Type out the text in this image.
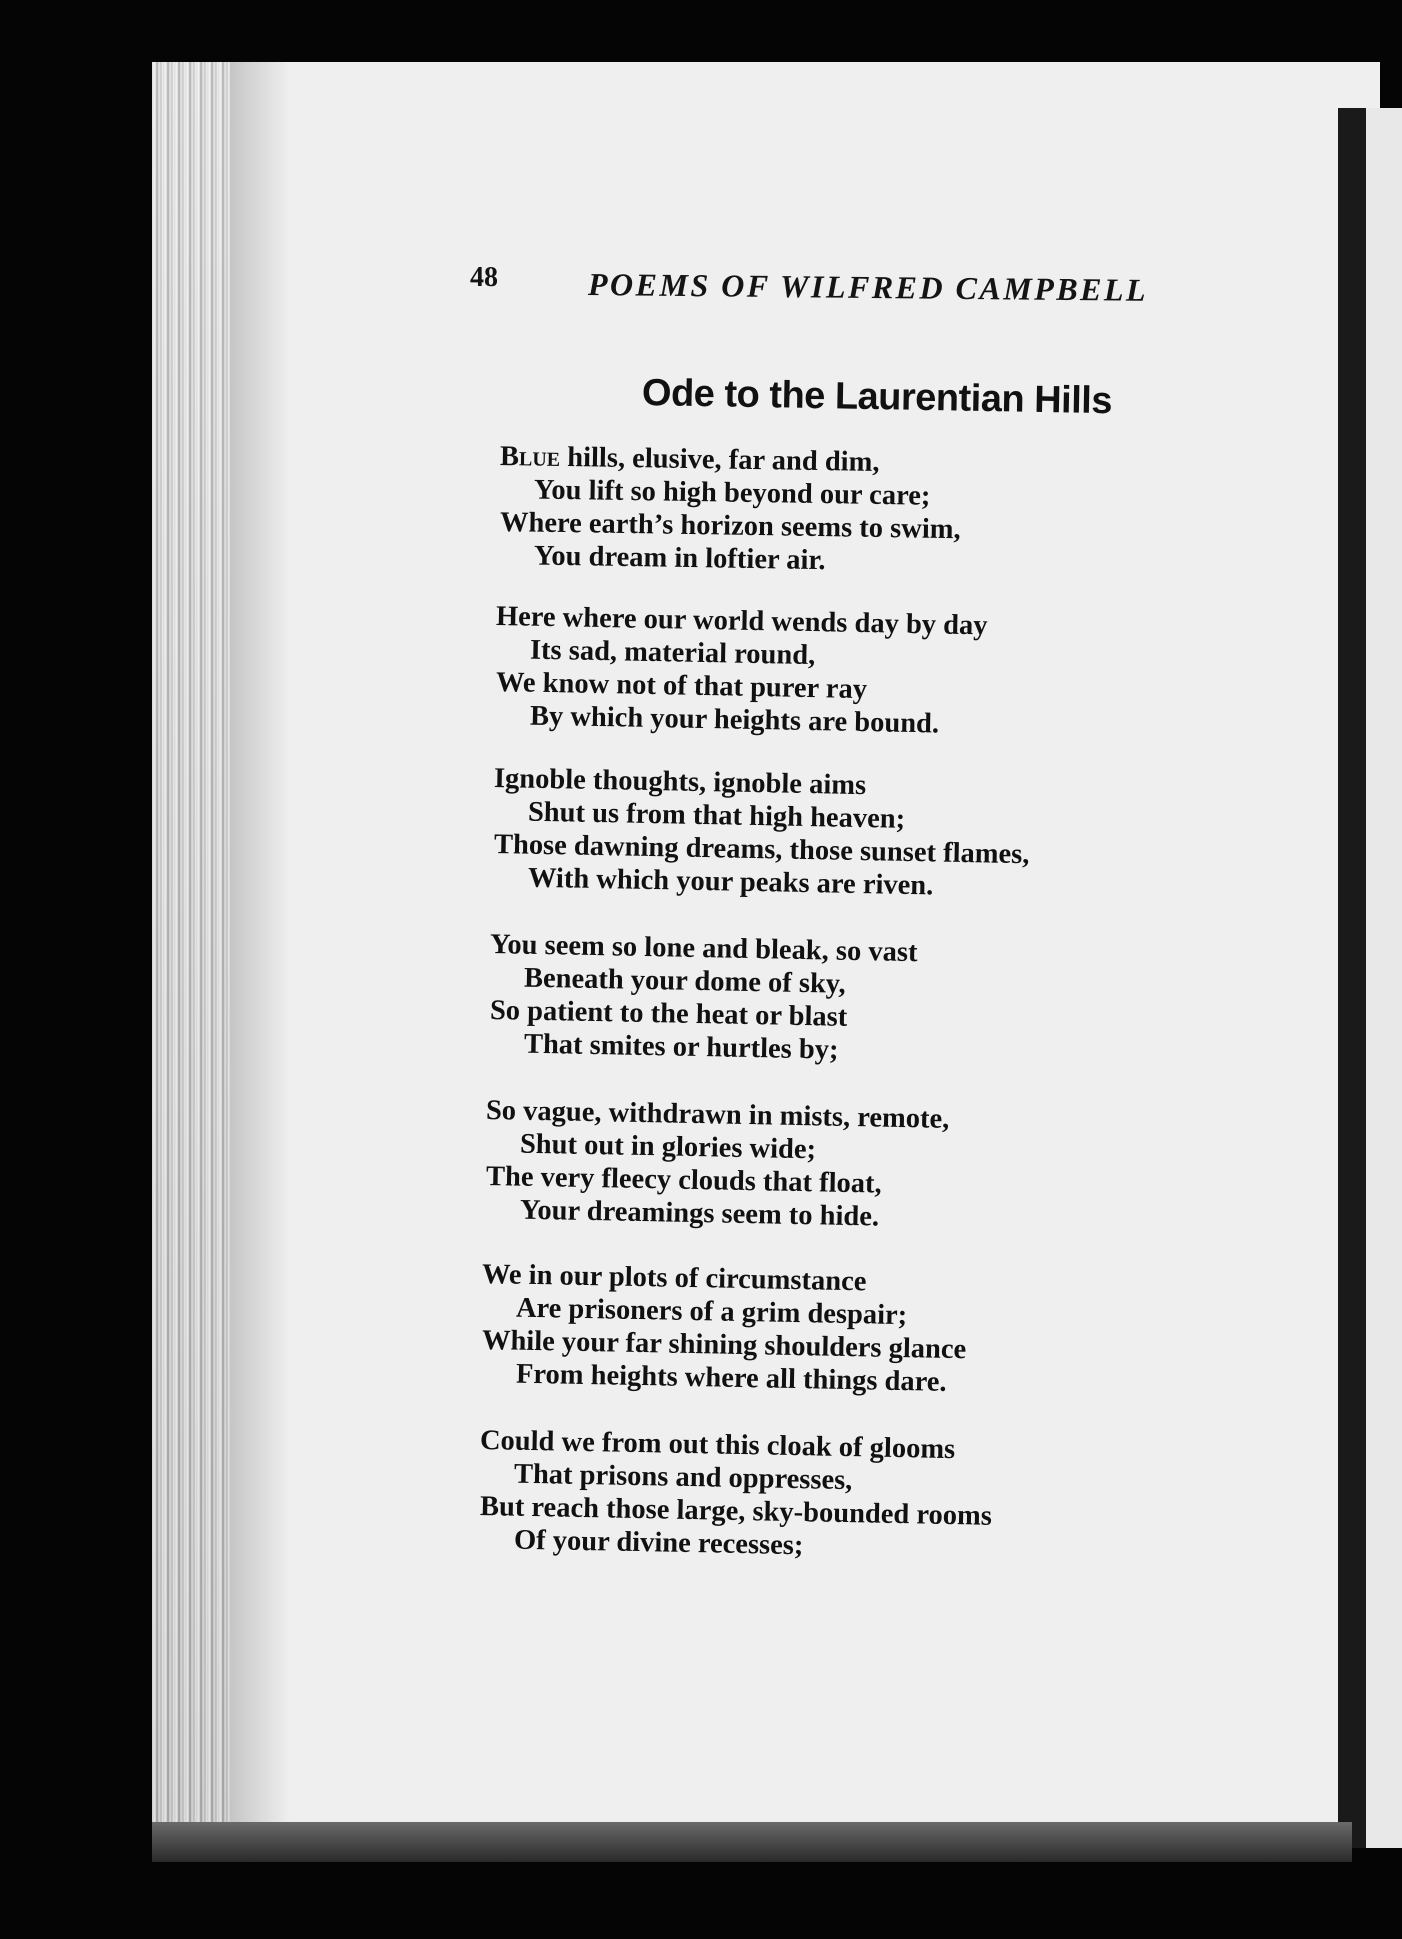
48	POEMS OF WILFRED CAMPBELL
Ode to the Laurentian Hills
Blue hills, elusive, far and dim,
You lift so high beyond our care;
Where earth’s horizon seems to swim,
You dream in loftier air.
Here where our world wends day by day
Its sad, material round,
We know not of that purer ray
By which your heights are bound.
Ignoble thoughts, ignoble aims
Shut us from that high heaven;
Those dawning dreams, those sunset flames,
With which your peaks are riven.
You seem so lone and bleak, so vast
Beneath your dome of sky,
So patient to the heat or blast
That smites or hurtles by;
So vague, withdrawn in mists, remote,
Shut out in glories wide;
The very fleecy clouds that float,
Your dreamings seem to hide.
We in our plots of circumstance
Are prisoners of a grim despair;
While your far shining shoulders glance
From heights where all things dare.
Could we from out this cloak of glooms
That prisons and oppresses,
But reach those large, sky-bounded rooms
Of your divine recesses;
